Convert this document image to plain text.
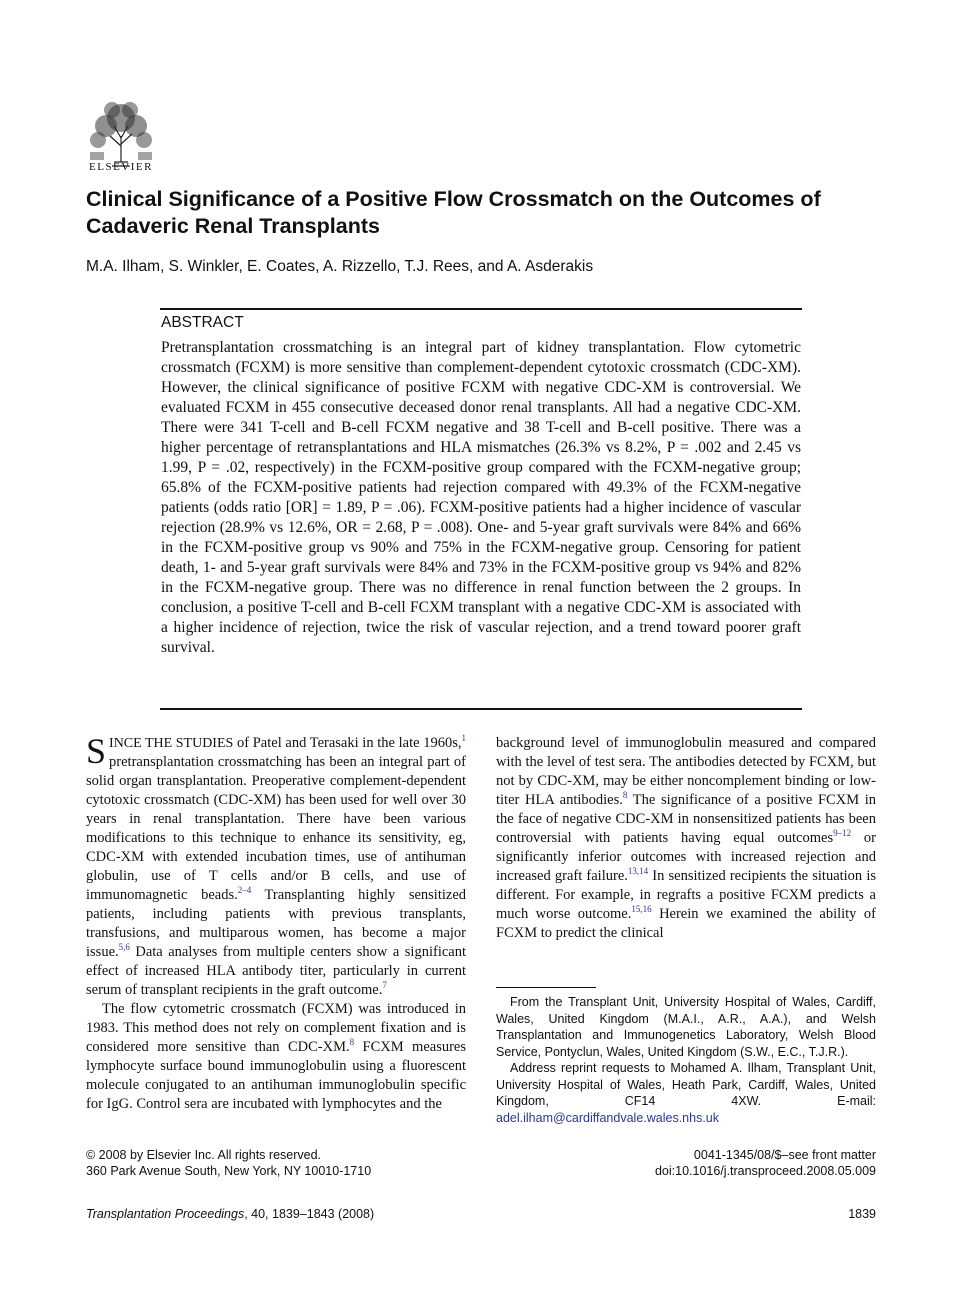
ELSEVIER
Clinical Significance of a Positive Flow Crossmatch on the Outcomes of Cadaveric Renal Transplants
M.A. Ilham, S. Winkler, E. Coates, A. Rizzello, T.J. Rees, and A. Asderakis
ABSTRACT

Pretransplantation crossmatching is an integral part of kidney transplantation. Flow cytometric crossmatch (FCXM) is more sensitive than complement-dependent cytotoxic crossmatch (CDC-XM). However, the clinical significance of positive FCXM with negative CDC-XM is controversial. We evaluated FCXM in 455 consecutive deceased donor renal transplants. All had a negative CDC-XM. There were 341 T-cell and B-cell FCXM negative and 38 T-cell and B-cell positive. There was a higher percentage of retransplantations and HLA mismatches (26.3% vs 8.2%, P = .002 and 2.45 vs 1.99, P = .02, respectively) in the FCXM-positive group compared with the FCXM-negative group; 65.8% of the FCXM-positive patients had rejection compared with 49.3% of the FCXM-negative patients (odds ratio [OR] = 1.89, P = .06). FCXM-positive patients had a higher incidence of vascular rejection (28.9% vs 12.6%, OR = 2.68, P = .008). One- and 5-year graft survivals were 84% and 66% in the FCXM-positive group vs 90% and 75% in the FCXM-negative group. Censoring for patient death, 1- and 5-year graft survivals were 84% and 73% in the FCXM-positive group vs 94% and 82% in the FCXM-negative group. There was no difference in renal function between the 2 groups. In conclusion, a positive T-cell and B-cell FCXM transplant with a negative CDC-XM is associated with a higher incidence of rejection, twice the risk of vascular rejection, and a trend toward poorer graft survival.

SINCE THE STUDIES of Patel and Terasaki in the late 1960s,$^1$ pretransplantation crossmatching has been an integral part of solid organ transplantation. Preoperative complement-dependent cytotoxic crossmatch (CDC-XM) has been used for well over 30 years in renal transplantation. There have been various modifications to this technique to enhance its sensitivity, eg, CDC-XM with extended incubation times, use of antihuman globulin, use of T cells and/or B cells, and use of immunomagnetic beads.$^{2-4}$ Transplanting highly sensitized patients, including patients with previous transplants, transfusions, and multiparous women, has become a major issue.$^{5,6}$ Data analyses from multiple centers show a significant effect of increased HLA antibody titer, particularly in current serum of transplant recipients in the graft outcome.$^7$

The flow cytometric crossmatch (FCXM) was introduced in 1983. This method does not rely on complement fixation and is considered more sensitive than CDC-XM.$^8$ FCXM measures lymphocyte surface bound immunoglobulin using a fluorescent molecule conjugated to an antihuman immunoglobulin specific for IgG. Control sera are incubated with lymphocytes and the

background level of immunoglobulin measured and compared with the level of test sera. The antibodies detected by FCXM, but not by CDC-XM, may be either noncomplement binding or low-titer HLA antibodies.$^8$ The significance of a positive FCXM in the face of negative CDC-XM in nonsensitized patients has been controversial with patients having equal outcomes$^{9-12}$ or significantly inferior outcomes with increased rejection and increased graft failure.$^{13,14}$ In sensitized recipients the situation is different. For example, in regrafts a positive FCXM predicts a much worse outcome.$^{15,16}$ Herein we examined the ability of FCXM to predict the clinical

From the Transplant Unit, University Hospital of Wales, Cardiff, Wales, United Kingdom (M.A.I., A.R., A.A.), and Welsh Transplantation and Immunogenetics Laboratory, Welsh Blood Service, Pontyclun, Wales, United Kingdom (S.W., E.C., T.J.R.).

Address reprint requests to Mohamed A. Ilham, Transplant Unit, University Hospital of Wales, Heath Park, Cardiff, Wales, United Kingdom, CF14 4XW. E-mail: adel.ilham@cardiffandvale.wales.nhs.uk

© 2008 by Elsevier Inc. All rights reserved.
360 Park Avenue South, New York, NY 10010-1710
0041-1345/08/$–see front matter
doi:10.1016/j.transproceed.2008.05.009
Transplantation Proceedings, 40, 1839–1843 (2008)	1839
